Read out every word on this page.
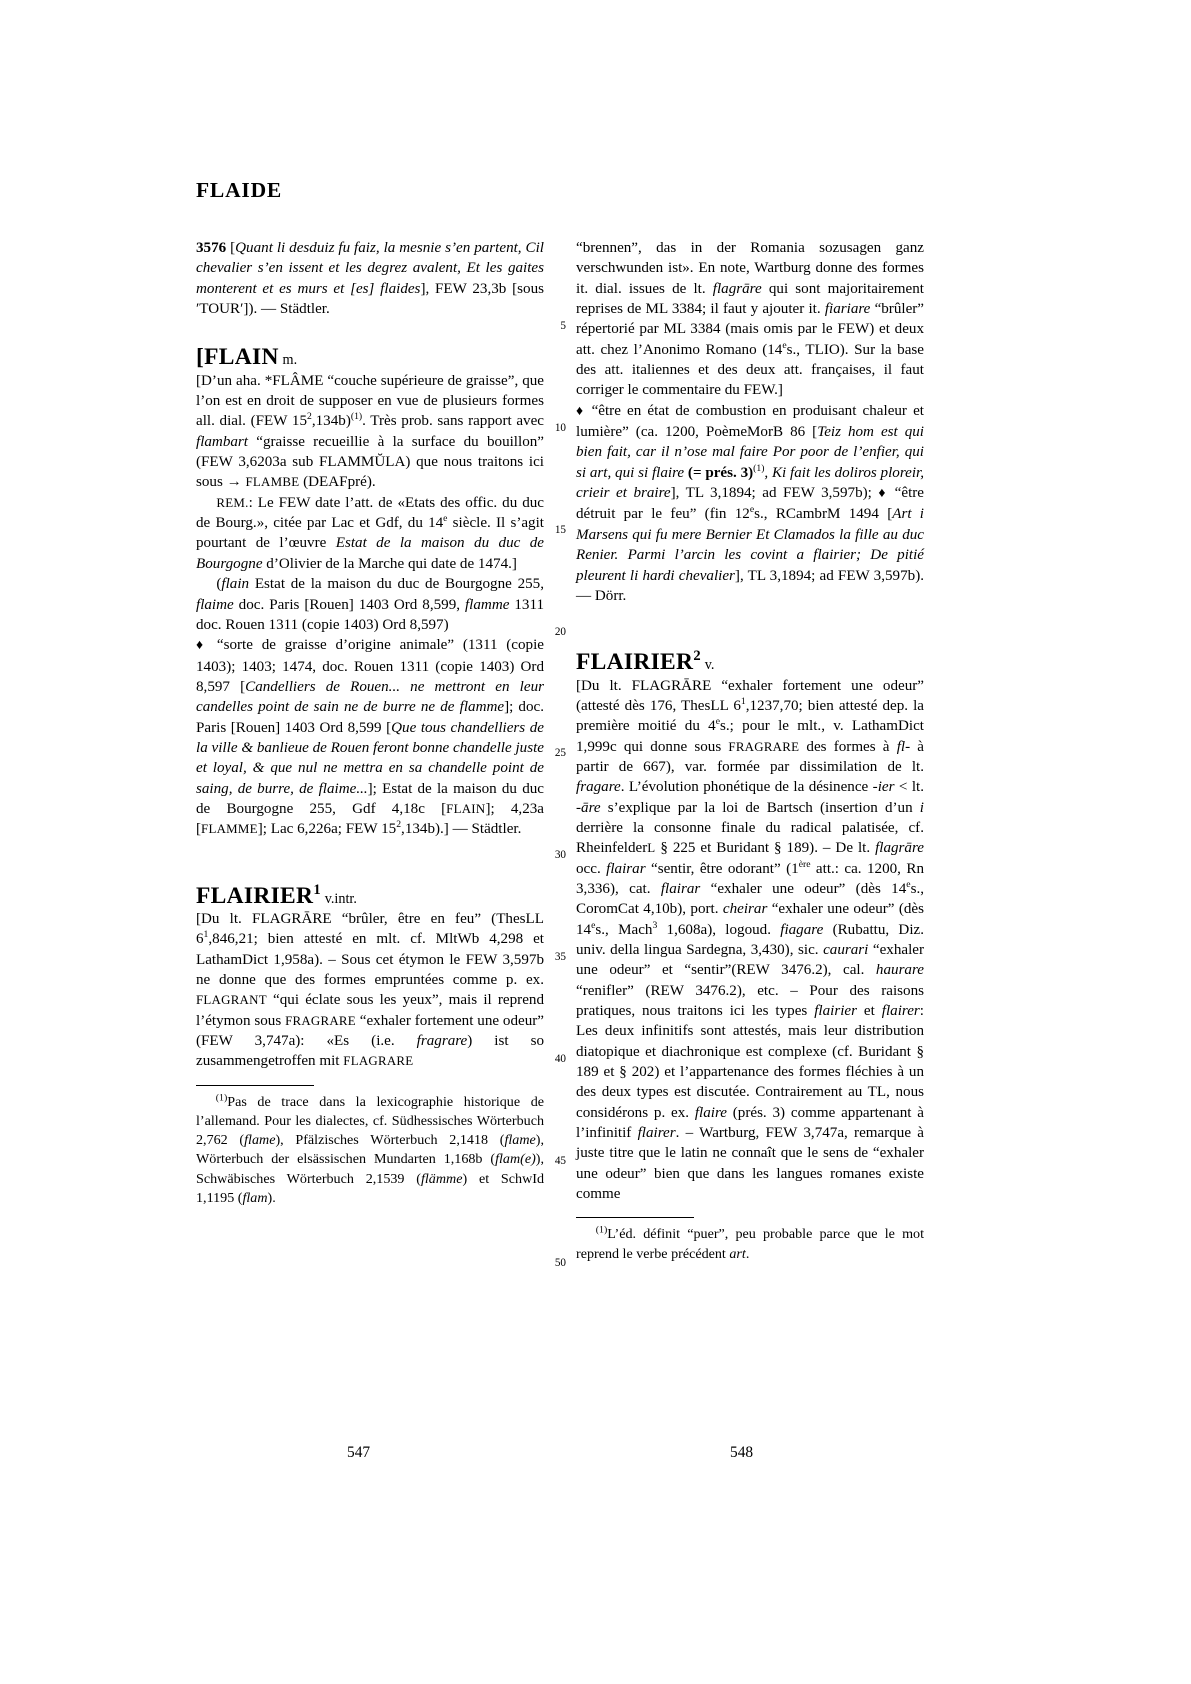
FLAIDE

3576 [Quant li desduiz fu faiz, la mesnie s’en partent, Cil chevalier s’en issent et les degrez avalent, Et les gaites monterent et es murs et [es] flaides], FEW 23,3b [sous ʹTOURʹ]). — Städtler.

[FLAIN m.

[D’un aha. *FLÂME “couche supérieure de graisse”, que l’on est en droit de supposer en vue de plusieurs formes all. dial. (FEW $15^2,134b)^{(1)}$. Très prob. sans rapport avec flambart “graisse recueillie à la surface du bouillon” (FEW 3,6203a sub FLAMMŬLA) que nous traitons ici sous → FLAMBE (DEAFpré).

REM.: Le FEW date l’att. de «Etats des offic. du duc de Bourg.», citée par Lac et Gdf, du 14e siècle. Il s’agit pourtant de l’œuvre Estat de la maison du duc de Bourgogne d’Olivier de la Marche qui date de 1474.]

(flain Estat de la maison du duc de Bourgogne 255, flaime doc. Paris [Rouen] 1403 Ord 8,599, flamme 1311 doc. Rouen 1311 (copie 1403) Ord 8,597)

♦ “sorte de graisse d’origine animale” (1311 (copie 1403); 1403; 1474, doc. Rouen 1311 (copie 1403) Ord 8,597 [Candelliers de Rouen... ne mettront en leur candelles point de sain ne de burre ne de flamme]; doc. Paris [Rouen] 1403 Ord 8,599 [Que tous chandelliers de la ville & banlieue de Rouen feront bonne chandelle juste et loyal, & que nul ne mettra en sa chandelle point de saing, de burre, de flaime...]; Estat de la maison du duc de Bourgogne 255, Gdf 4,18c [FLAIN]; 4,23a [FLAMME]; Lac 6,226a; FEW $15^2,134b$).] — Städtler.

FLAIRIER$^1$ v.intr.

[Du lt. FLAGRĀRE “brûler, être en feu” (ThesLL $6^1,846,21$; bien attesté en mlt. cf. MltWb 4,298 et LathamDict 1,958a). – Sous cet étymon le FEW 3,597b ne donne que des formes empruntées comme p. ex. FLAGRANT “qui éclate sous les yeux”, mais il reprend l’étymon sous FRAGRARE “exhaler fortement une odeur” (FEW 3,747a): «Es (i.e. fragrare) ist so zusammengetroffen mit FLAGRARE

$^{(1)}$Pas de trace dans la lexicographie historique de l’allemand. Pour les dialectes, cf. Südhessisches Wörterbuch 2,762 (flame), Pfälzisches Wörterbuch 2,1418 (flame), Wörterbuch der elsässischen Mundarten 1,168b (flam(e)), Schwäbisches Wörterbuch 2,1539 (flämme) et SchwId 1,1195 (flam).

5
10
15
20
25
30
35
40
45
50

“brennen”, das in der Romania sozusagen ganz verschwunden ist». En note, Wartburg donne des formes it. dial. issues de lt. flagrāre qui sont majoritairement reprises de ML 3384; il faut y ajouter it. fiariare “brûler” répertorié par ML 3384 (mais omis par le FEW) et deux att. chez l’Anonimo Romano (14es., TLIO). Sur la base des att. italiennes et des deux att. françaises, il faut corriger le commentaire du FEW.]

♦ “être en état de combustion en produisant chaleur et lumière” (ca. 1200, PoèmeMorB 86 [Teiz hom est qui bien fait, car il n’ose mal faire Por poor de l’enfier, qui si art, qui si flaire (= prés. 3)$^{(1)}$, Ki fait les doliros ploreir, crieir et braire], TL 3,1894; ad FEW 3,597b); ♦ “être détruit par le feu” (fin 12es., RCambrM 1494 [Art i Marsens qui fu mere Bernier Et Clamados la fille au duc Renier. Parmi l’arcin les covint a flairier; De pitié pleurent li hardi chevalier], TL 3,1894; ad FEW 3,597b). — Dörr.

FLAIRIER$^2$ v.

[Du lt. FLAGRĀRE “exhaler fortement une odeur” (attesté dès 176, ThesLL $6^1,1237,70$; bien attesté dep. la première moitié du 4es.; pour le mlt., v. LathamDict 1,999c qui donne sous FRAGRARE des formes à fl- à partir de 667), var. formée par dissimilation de lt. fragare. L’évolution phonétique de la désinence -ier < lt. -āre s’explique par la loi de Bartsch (insertion d’un i derrière la consonne finale du radical palatisée, cf. RheinfelderL § 225 et Buridant § 189). – De lt. flagrāre occ. flairar “sentir, être odorant” (1ère att.: ca. 1200, Rn 3,336), cat. flairar “exhaler une odeur” (dès 14es., CoromCat 4,10b), port. cheirar “exhaler une odeur” (dès 14es., Mach$^3$ 1,608a), logoud. fiagare (Rubattu, Diz. univ. della lingua Sardegna, 3,430), sic. caurari “exhaler une odeur” et “sentir”(REW 3476.2), cal. haurare “renifler” (REW 3476.2), etc. – Pour des raisons pratiques, nous traitons ici les types flairier et flairer: Les deux infinitifs sont attestés, mais leur distribution diatopique et diachronique est complexe (cf. Buridant § 189 et § 202) et l’appartenance des formes fléchies à un des deux types est discutée. Contrairement au TL, nous considérons p. ex. flaire (prés. 3) comme appartenant à l’infinitif flairer. – Wartburg, FEW 3,747a, remarque à juste titre que le latin ne connaît que le sens de “exhaler une odeur” bien que dans les langues romanes existe comme

$^{(1)}$L’éd. définit “puer”, peu probable parce que le mot reprend le verbe précédent art.

547	548
